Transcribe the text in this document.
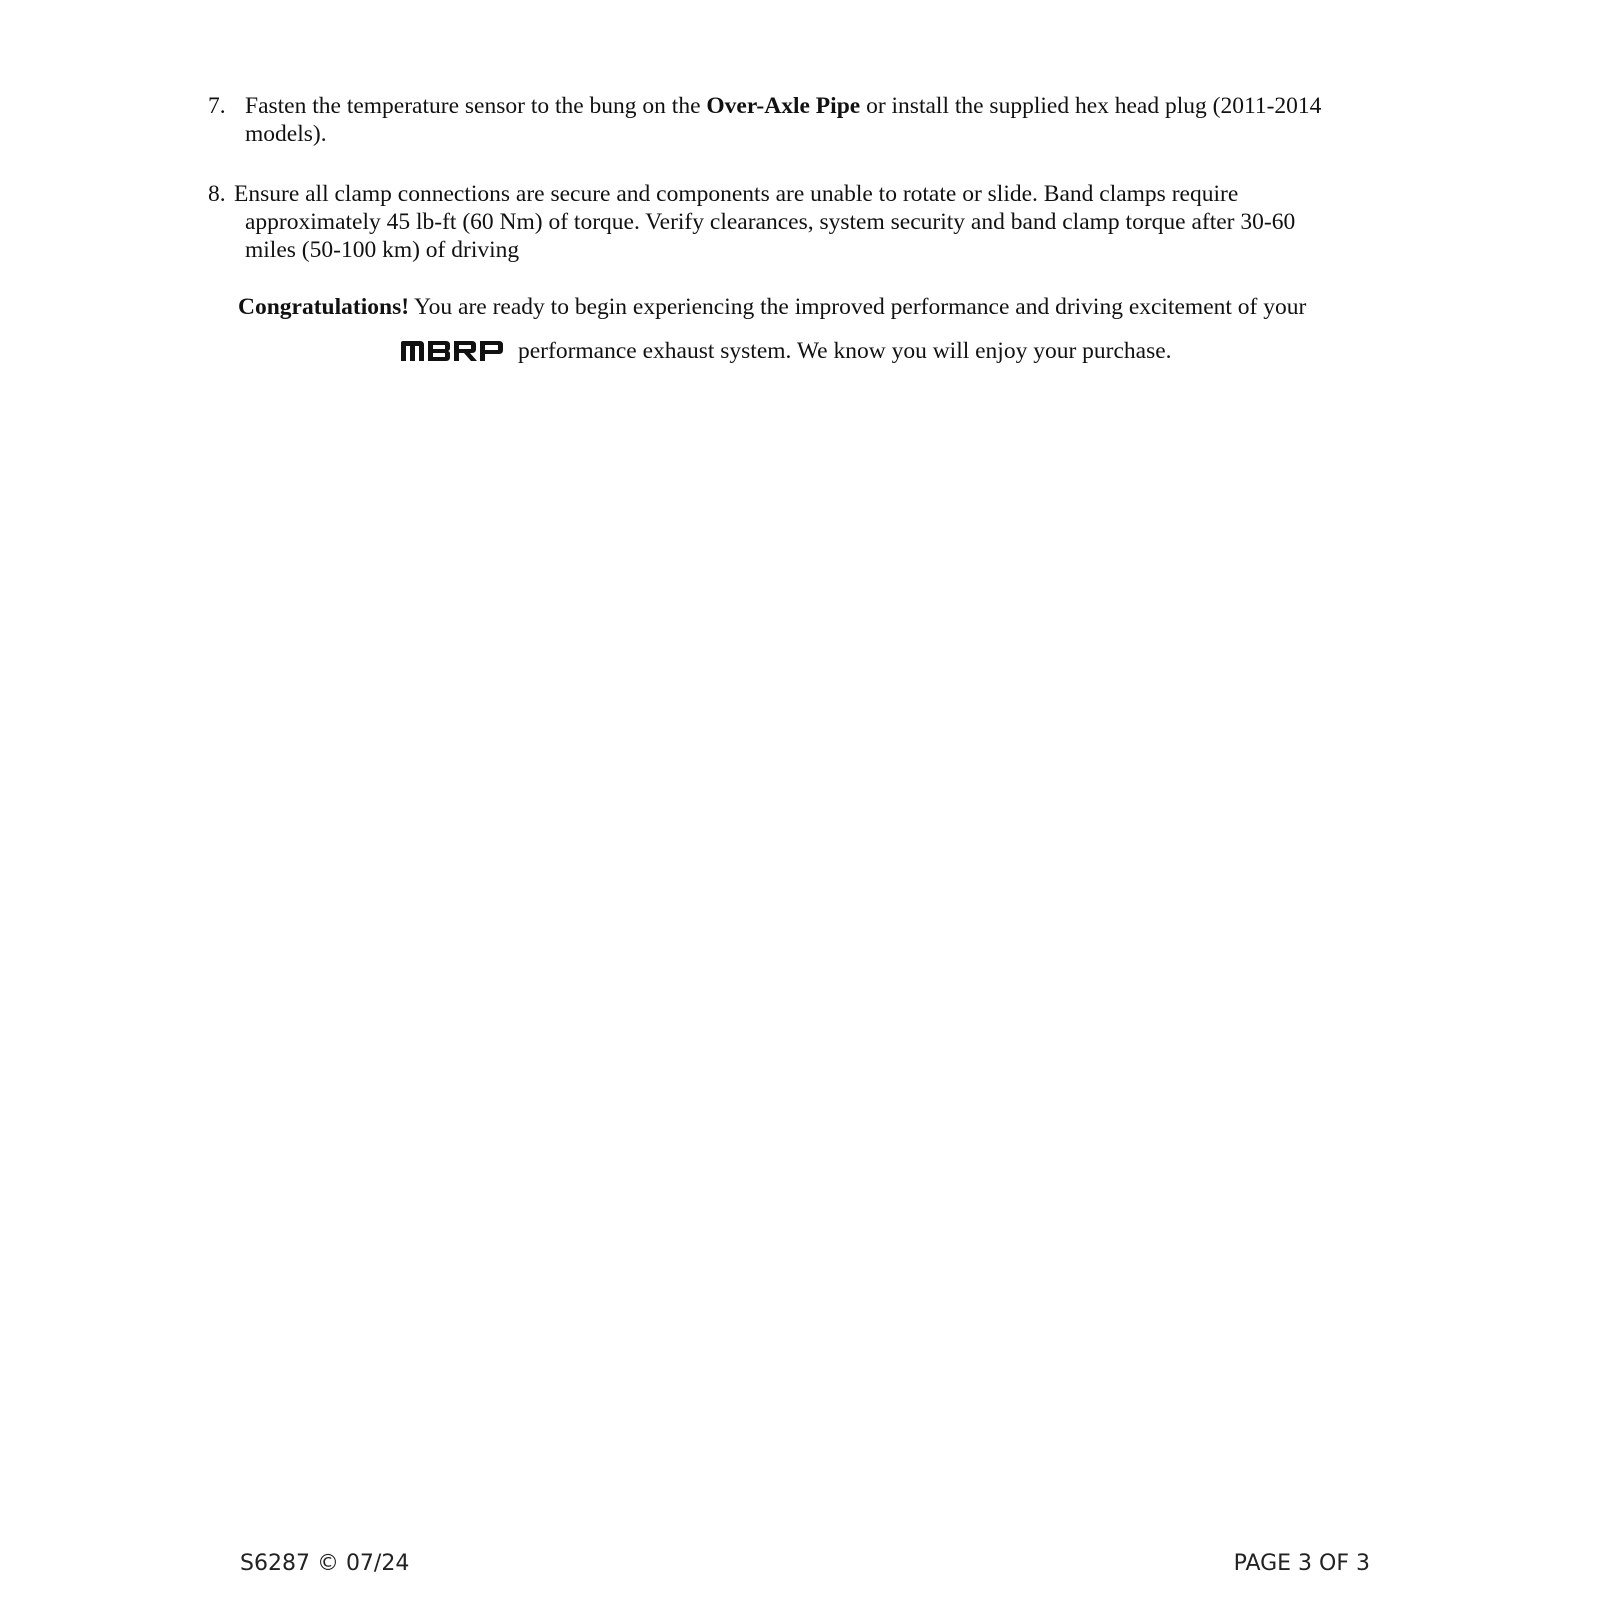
7. Fasten the temperature sensor to the bung on the Over-Axle Pipe or install the supplied hex head plug (2011-2014
models).
8. Ensure all clamp connections are secure and components are unable to rotate or slide. Band clamps require
approximately 45 lb-ft (60 Nm) of torque. Verify clearances, system security and band clamp torque after 30-60
miles (50-100 km) of driving
Congratulations! You are ready to begin experiencing the improved performance and driving excitement of your
performance exhaust system. We know you will enjoy your purchase.
S6287 © 07/24	PAGE 3 OF 3
